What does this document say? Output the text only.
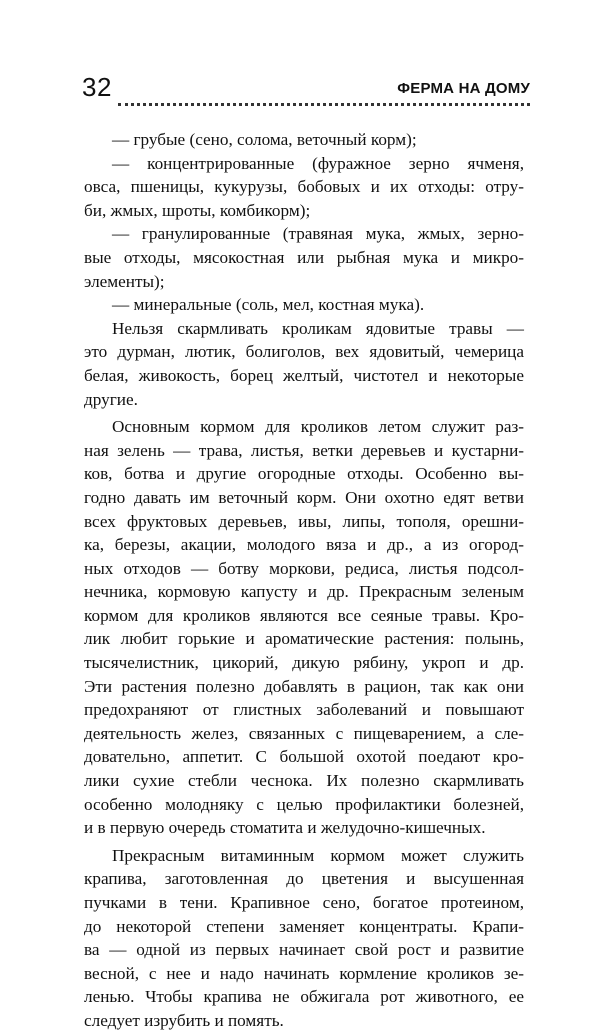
32	ФЕРМА НА ДОМУ
— грубые (сено, солома, веточный корм);
— концентрированные (фуражное зерно ячменя,
овса, пшеницы, кукурузы, бобовых и их отходы: отру-
би, жмых, шроты, комбикорм);
— гранулированные (травяная мука, жмых, зерно-
вые отходы, мясокостная или рыбная мука и микро-
элементы);
— минеральные (соль, мел, костная мука).
Нельзя скармливать кроликам ядовитые травы —
это дурман, лютик, болиголов, вех ядовитый, чемерица
белая, живокость, борец желтый, чистотел и некоторые
другие.
Основным кормом для кроликов летом служит раз-
ная зелень — трава, листья, ветки деревьев и кустарни-
ков, ботва и другие огородные отходы. Особенно вы-
годно давать им веточный корм. Они охотно едят ветви
всех фруктовых деревьев, ивы, липы, тополя, орешни-
ка, березы, акации, молодого вяза и др., а из огород-
ных отходов — ботву моркови, редиса, листья подсол-
нечника, кормовую капусту и др. Прекрасным зеленым
кормом для кроликов являются все сеяные травы. Кро-
лик любит горькие и ароматические растения: полынь,
тысячелистник, цикорий, дикую рябину, укроп и др.
Эти растения полезно добавлять в рацион, так как они
предохраняют от глистных заболеваний и повышают
деятельность желез, связанных с пищеварением, а сле-
довательно, аппетит. С большой охотой поедают кро-
лики сухие стебли чеснока. Их полезно скармливать
особенно молодняку с целью профилактики болезней,
и в первую очередь стоматита и желудочно-кишечных.
Прекрасным витаминным кормом может служить
крапива, заготовленная до цветения и высушенная
пучками в тени. Крапивное сено, богатое протеином,
до некоторой степени заменяет концентраты. Крапи-
ва — одной из первых начинает свой рост и развитие
весной, с нее и надо начинать кормление кроликов зе-
ленью. Чтобы крапива не обжигала рот животного, ее
следует изрубить и помять.
